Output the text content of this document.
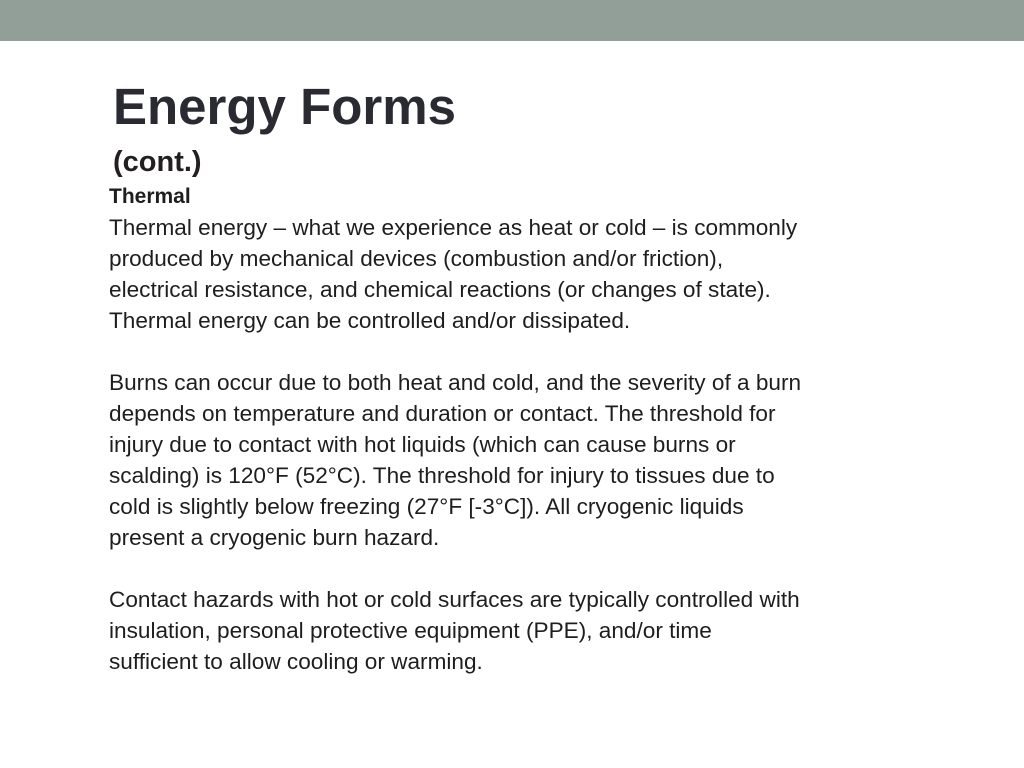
Energy Forms
(cont.)

Thermal

Thermal energy – what we experience as heat or cold – is commonly
produced by mechanical devices (combustion and/or friction),
electrical resistance, and chemical reactions (or changes of state).
Thermal energy can be controlled and/or dissipated.

Burns can occur due to both heat and cold, and the severity of a burn
depends on temperature and duration or contact. The threshold for
injury due to contact with hot liquids (which can cause burns or
scalding) is 120°F (52°C). The threshold for injury to tissues due to
cold is slightly below freezing (27°F [-3°C]). All cryogenic liquids
present a cryogenic burn hazard.

Contact hazards with hot or cold surfaces are typically controlled with
insulation, personal protective equipment (PPE), and/or time
sufficient to allow cooling or warming.
